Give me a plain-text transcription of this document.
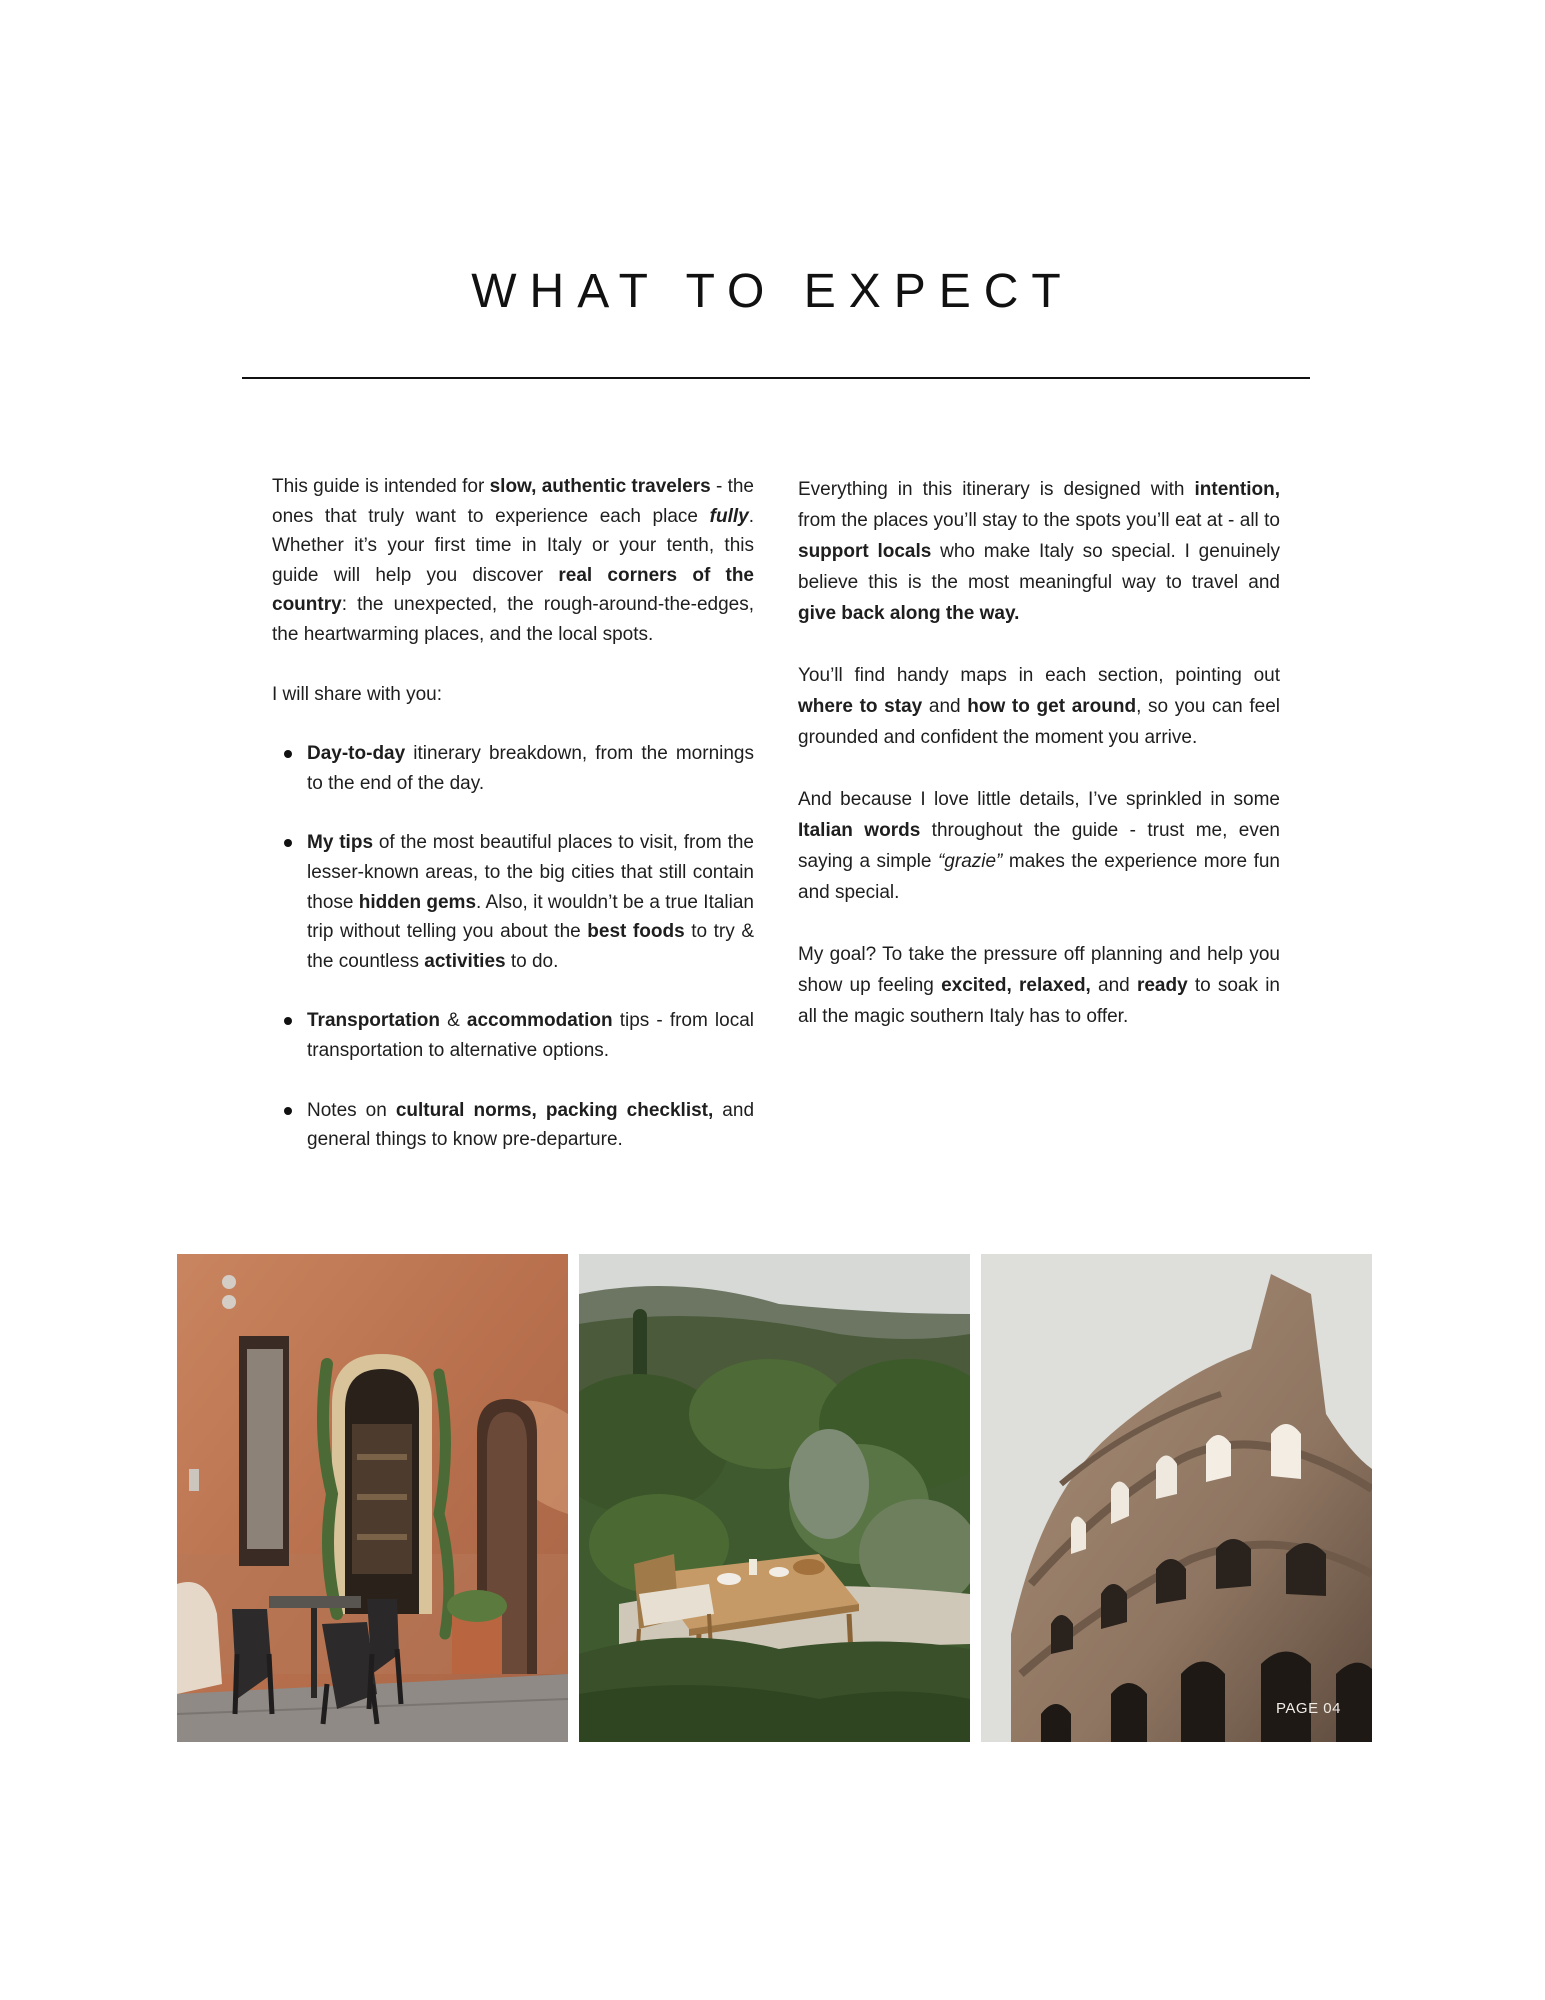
WHAT TO EXPECT

This guide is intended for slow, authentic travelers - the ones that truly want to experience each place fully. Whether it’s your first time in Italy or your tenth, this guide will help you discover real corners of the country: the unexpected, the rough-around-the-edges, the heartwarming places, and the local spots.

I will share with you:

Day-to-day itinerary breakdown, from the mornings to the end of the day.
My tips of the most beautiful places to visit, from the lesser-known areas, to the big cities that still contain those hidden gems. Also, it wouldn’t be a true Italian trip without telling you about the best foods to try & the countless activities to do.
Transportation & accommodation tips - from local transportation to alternative options.
Notes on cultural norms, packing checklist, and general things to know pre-departure.

Everything in this itinerary is designed with intention, from the places you’ll stay to the spots you’ll eat at - all to support locals who make Italy so special. I genuinely believe this is the most meaningful way to travel and give back along the way.

You’ll find handy maps in each section, pointing out where to stay and how to get around, so you can feel grounded and confident the moment you arrive.

And because I love little details, I’ve sprinkled in some Italian words throughout the guide - trust me, even saying a simple “grazie” makes the experience more fun and special.

My goal? To take the pressure off planning and help you show up feeling excited, relaxed, and ready to soak in all the magic southern Italy has to offer.

PAGE 04
